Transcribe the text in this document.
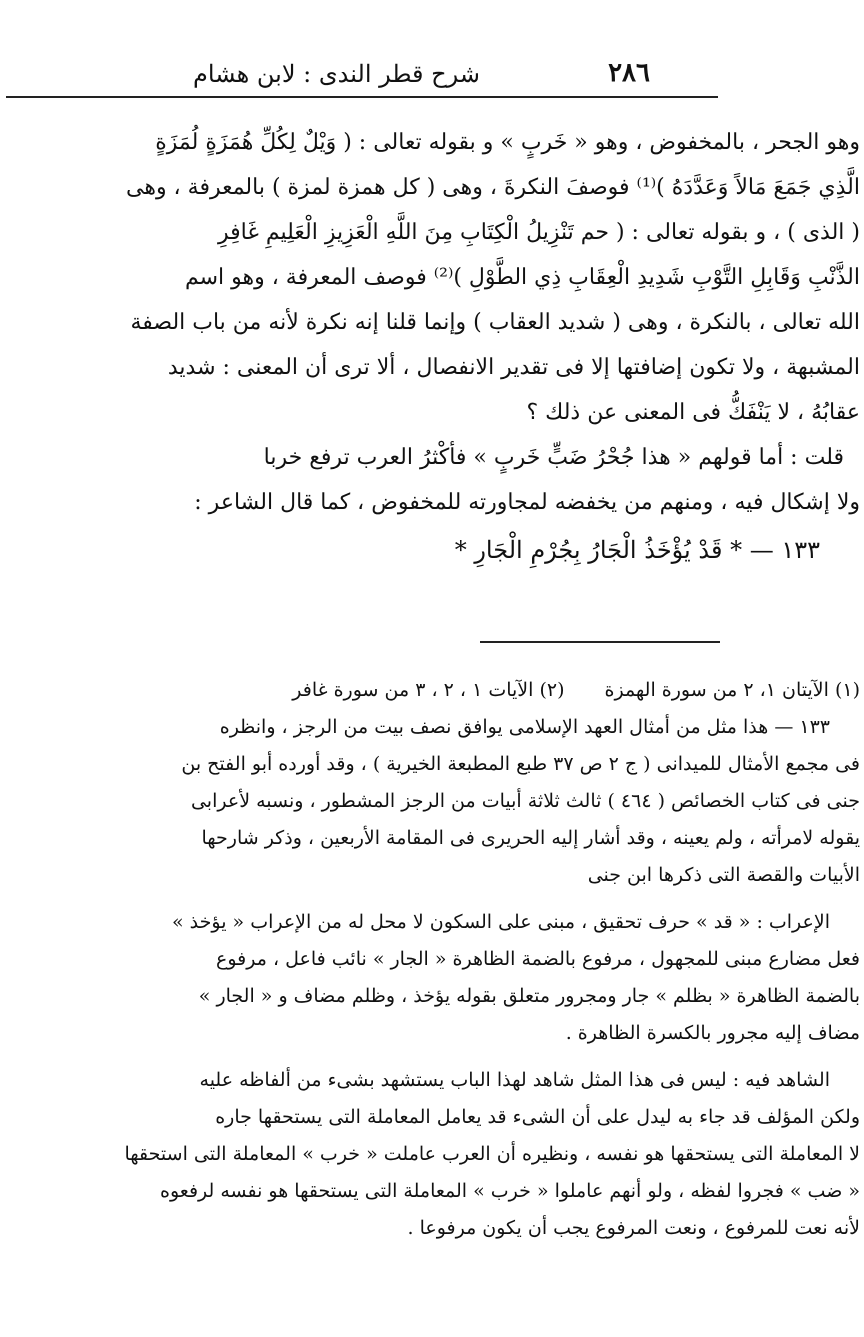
٢٨٦
شرح قطر الندى : لابن هشام
وهو الجحر ، بالمخفوض ، وهو « خَربٍ » و بقوله تعالى : ( وَيْلٌ لِكُلِّ هُمَزَةٍ لُمَزَةٍ
الَّذِي جَمَعَ مَالاً وَعَدَّدَهُ )⁽¹⁾ فوصفَ النكرةَ ، وهى ( كل همزة لمزة ) بالمعرفة ، وهى
( الذى ) ، و بقوله تعالى : ( حم تَنْزِيلُ الْكِتَابِ مِنَ اللَّهِ الْعَزِيزِ الْعَلِيمِ غَافِرِ
الذَّنْبِ وَقَابِلِ التَّوْبِ شَدِيدِ الْعِقَابِ ذِي الطَّوْلِ )⁽²⁾ فوصف المعرفة ، وهو اسم
الله تعالى ، بالنكرة ، وهى ( شديد العقاب ) وإنما قلنا إنه نكرة لأنه من باب الصفة
المشبهة ، ولا تكون إضافتها إلا فى تقدير الانفصال ، ألا ترى أن المعنى : شديد
عقابُهُ ، لا يَنْفَكُّ فى المعنى عن ذلك ؟
قلت : أما قولهم « هذا جُحْرُ ضَبٍّ خَربٍ » فأكْثرُ العرب ترفع خربا
ولا إشكال فيه ، ومنهم من يخفضه لمجاورته للمخفوض ، كما قال الشاعر :
١٣٣ — * قَدْ يُؤْخَذُ الْجَارُ بِجُرْمِ الْجَارِ *
(١) الآيتان ١، ٢ من سورة الهمزة
(٢) الآيات ١ ، ٢ ، ٣ من سورة غافر
١٣٣ — هذا مثل من أمثال العهد الإسلامى يوافق نصف بيت من الرجز ، وانظره
فى مجمع الأمثال للميدانى ( ج ٢ ص ٣٧ طبع المطبعة الخيرية ) ، وقد أورده أبو الفتح بن
جنى فى كتاب الخصائص ( ٤٦٤ ) ثالث ثلاثة أبيات من الرجز المشطور ، ونسبه لأعرابى
يقوله لامرأته ، ولم يعينه ، وقد أشار إليه الحريرى فى المقامة الأربعين ، وذكر شارحها
الأبيات والقصة التى ذكرها ابن جنى
الإعراب : « قد » حرف تحقيق ، مبنى على السكون لا محل له من الإعراب « يؤخذ »
فعل مضارع مبنى للمجهول ، مرفوع بالضمة الظاهرة « الجار » نائب فاعل ، مرفوع
بالضمة الظاهرة « بظلم » جار ومجرور متعلق بقوله يؤخذ ، وظلم مضاف و « الجار »
مضاف إليه مجرور بالكسرة الظاهرة .
الشاهد فيه : ليس فى هذا المثل شاهد لهذا الباب يستشهد بشىء من ألفاظه عليه
ولكن المؤلف قد جاء به ليدل على أن الشىء قد يعامل المعاملة التى يستحقها جاره
لا المعاملة التى يستحقها هو نفسه ، ونظيره أن العرب عاملت « خرب » المعاملة التى استحقها
« ضب » فجروا لفظه ، ولو أنهم عاملوا « خرب » المعاملة التى يستحقها هو نفسه لرفعوه
لأنه نعت للمرفوع ، ونعت المرفوع يجب أن يكون مرفوعا .
